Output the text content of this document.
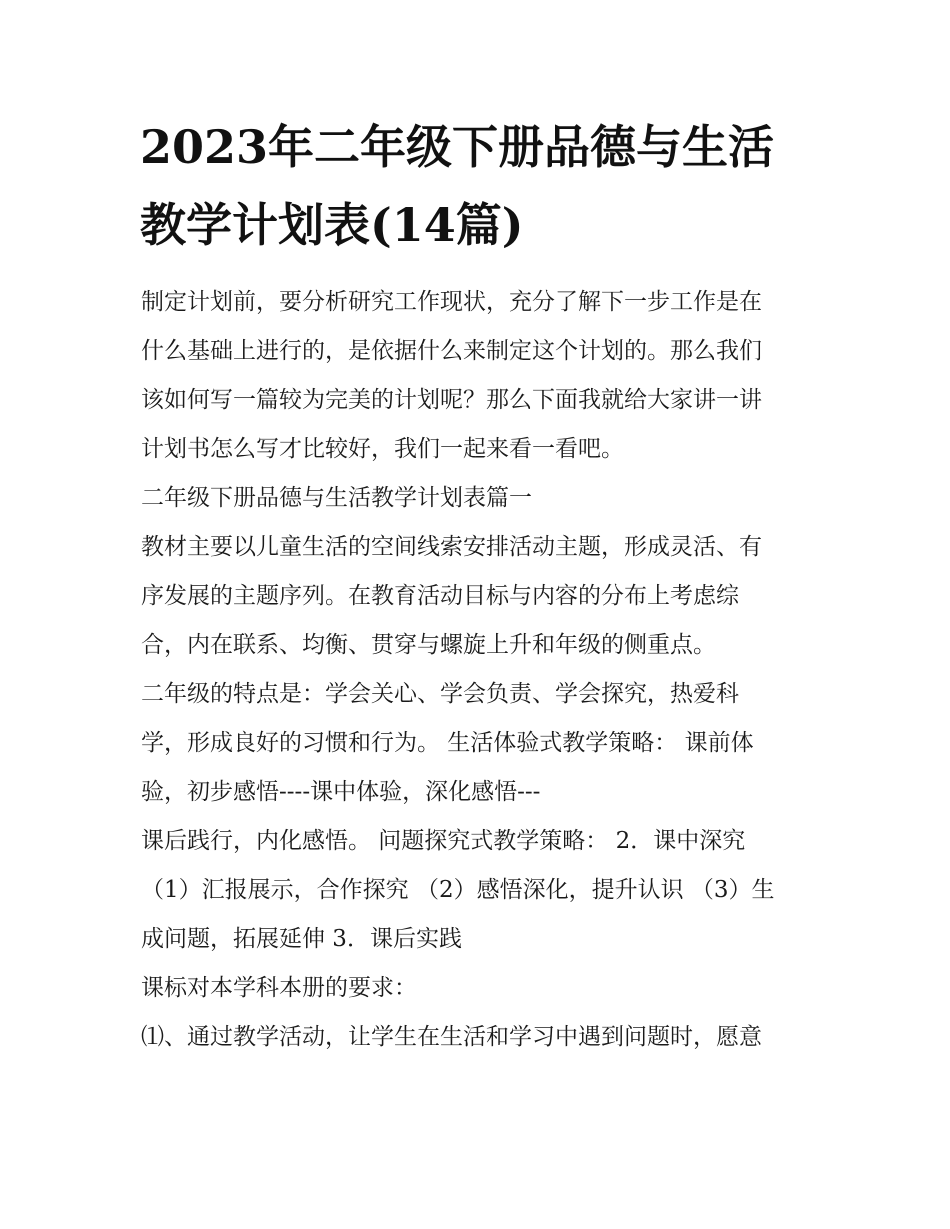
2023年二年级下册品德与生活
教学计划表(14篇)

制定计划前，要分析研究工作现状，充分了解下一步工作是在
什么基础上进行的，是依据什么来制定这个计划的。那么我们
该如何写一篇较为完美的计划呢？那么下面我就给大家讲一讲
计划书怎么写才比较好，我们一起来看一看吧。

二年级下册品德与生活教学计划表篇一

教材主要以儿童生活的空间线索安排活动主题，形成灵活、有
序发展的主题序列。在教育活动目标与内容的分布上考虑综
合，内在联系、均衡、贯穿与螺旋上升和年级的侧重点。

二年级的特点是：学会关心、学会负责、学会探究，热爱科
学，形成良好的习惯和行为。 生活体验式教学策略： 课前体
验，初步感悟----课中体验，深化感悟---

课后践行，内化感悟。 问题探究式教学策略： 2．课中深究
（1）汇报展示，合作探究 （2）感悟深化，提升认识 （3）生
成问题，拓展延伸 3．课后实践

课标对本学科本册的要求：

⑴、通过教学活动，让学生在生活和学习中遇到问题时，愿意
